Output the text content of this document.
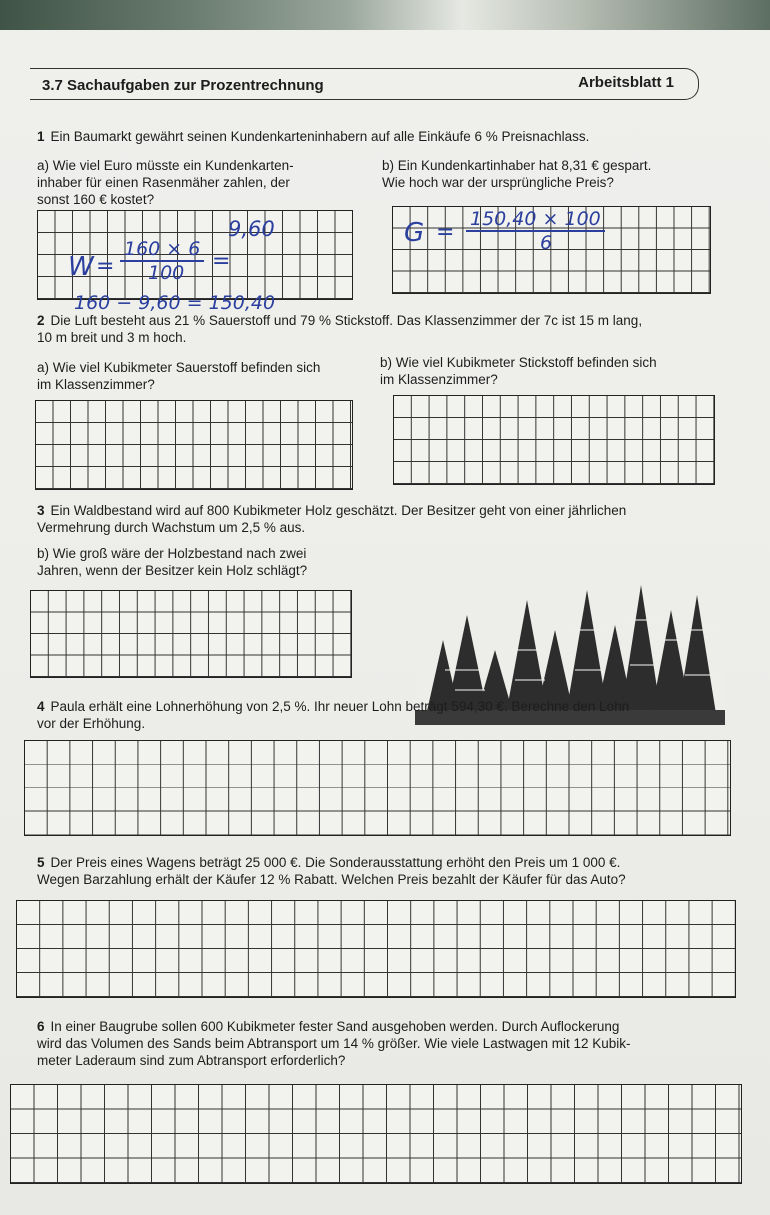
3.7 Sachaufgaben zur Prozentrechnung	Arbeitsblatt 1
1 Ein Baumarkt gewährt seinen Kundenkarteninhabern auf alle Einkäufe 6 % Preisnachlass.
a) Wie viel Euro müsste ein Kundenkarten-
inhaber für einen Rasenmäher zahlen, der
sonst 160 € kostet?
b) Ein Kundenkartinhaber hat 8,31 € gespart.
Wie hoch war der ursprüngliche Preis?
W =
160 × 6
100 =
9,60
160 − 9,60 = 150,40
G =
150,40 × 100
6
2 Die Luft besteht aus 21 % Sauerstoff und 79 % Stickstoff. Das Klassenzimmer der 7c ist 15 m lang,
10 m breit und 3 m hoch.
a) Wie viel Kubikmeter Sauerstoff befinden sich
im Klassenzimmer?
b) Wie viel Kubikmeter Stickstoff befinden sich
im Klassenzimmer?
3 Ein Waldbestand wird auf 800 Kubikmeter Holz geschätzt. Der Besitzer geht von einer jährlichen
Vermehrung durch Wachstum um 2,5 % aus.
b) Wie groß wäre der Holzbestand nach zwei
Jahren, wenn der Besitzer kein Holz schlägt?
4 Paula erhält eine Lohnerhöhung von 2,5 %. Ihr neuer Lohn beträgt 594,30 €. Berechne den Lohn
vor der Erhöhung.
5 Der Preis eines Wagens beträgt 25 000 €. Die Sonderausstattung erhöht den Preis um 1 000 €.
Wegen Barzahlung erhält der Käufer 12 % Rabatt. Welchen Preis bezahlt der Käufer für das Auto?
6 In einer Baugrube sollen 600 Kubikmeter fester Sand ausgehoben werden. Durch Auflockerung
wird das Volumen des Sands beim Abtransport um 14 % größer. Wie viele Lastwagen mit 12 Kubik-
meter Laderaum sind zum Abtransport erforderlich?
